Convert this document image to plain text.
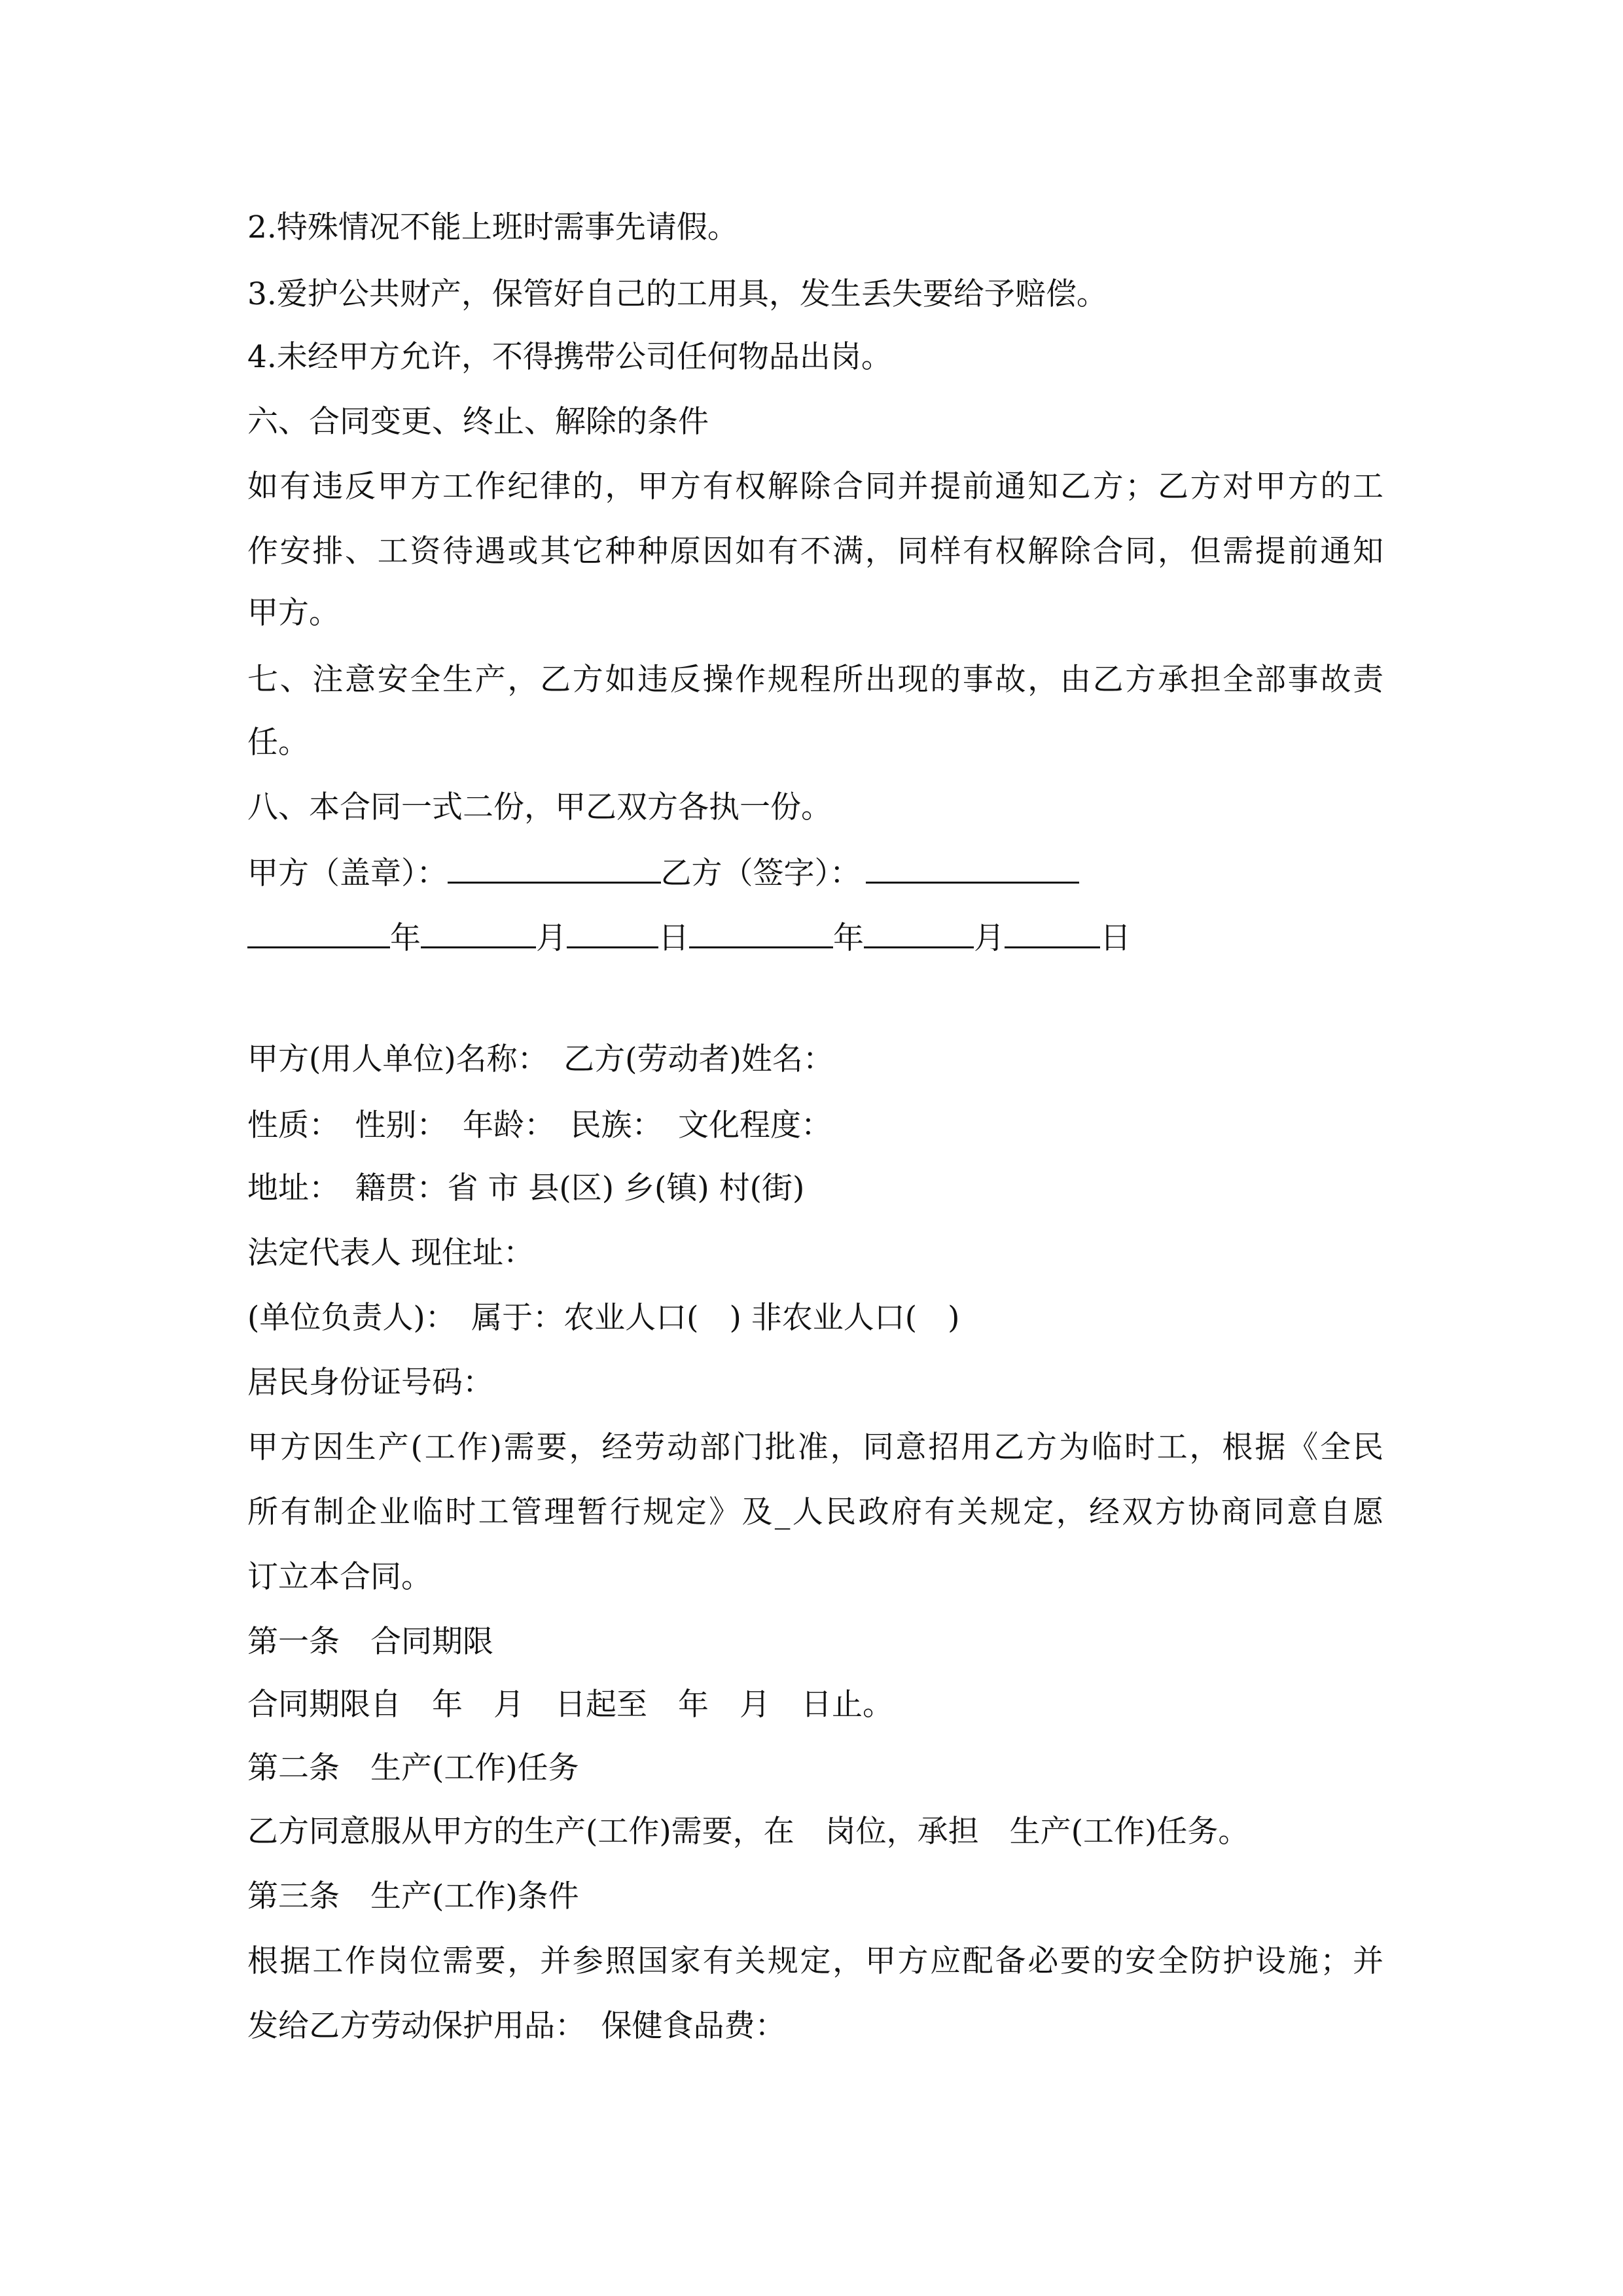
2.特殊情况不能上班时需事先请假。
3.爱护公共财产，保管好自己的工用具，发生丢失要给予赔偿。
4.未经甲方允许，不得携带公司任何物品出岗。
六、合同变更、终止、解除的条件
如有违反甲方工作纪律的，甲方有权解除合同并提前通知乙方；乙方对甲方的工
作安排、工资待遇或其它种种原因如有不满，同样有权解除合同，但需提前通知
甲方。
七、注意安全生产，乙方如违反操作规程所出现的事故，由乙方承担全部事故责
任。
八、本合同一式二份，甲乙双方各执一份。
甲方（盖章）：	乙方（签字）：
年	月	日	年	月	日
甲方(用人单位)名称：　乙方(劳动者)姓名：
性质：　性别：　年龄：　民族：　文化程度：
地址：　籍贯：省 市 县(区) 乡(镇) 村(街)
法定代表人 现住址：
(单位负责人)：　属于：农业人口(　) 非农业人口(　)
居民身份证号码：
甲方因生产(工作)需要，经劳动部门批准，同意招用乙方为临时工，根据《全民
所有制企业临时工管理暂行规定》及_人民政府有关规定，经双方协商同意自愿
订立本合同。
第一条　合同期限
合同期限自　年　月　日起至　年　月　日止。
第二条　生产(工作)任务
乙方同意服从甲方的生产(工作)需要，在　岗位，承担　生产(工作)任务。
第三条　生产(工作)条件
根据工作岗位需要，并参照国家有关规定，甲方应配备必要的安全防护设施；并
发给乙方劳动保护用品：　保健食品费：
